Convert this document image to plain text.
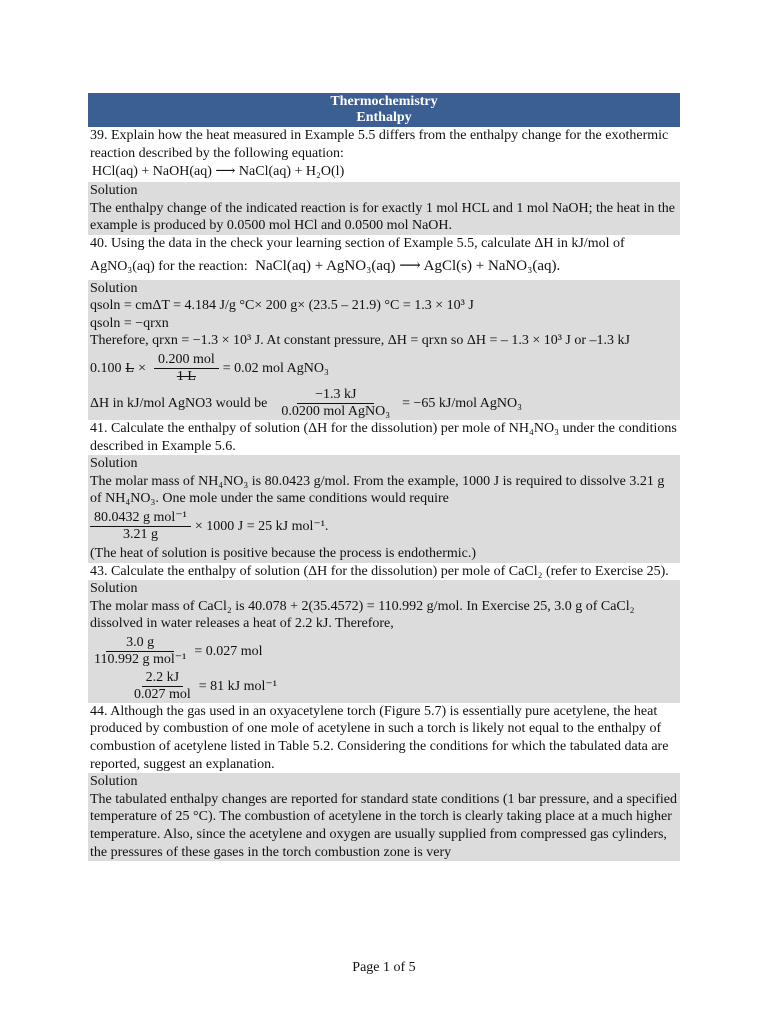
Thermochemistry
Enthalpy
39. Explain how the heat measured in Example 5.5 differs from the enthalpy change for the exothermic reaction described by the following equation:
HCl(aq) + NaOH(aq) ⟶ NaCl(aq) + H₂O(l)
Solution
The enthalpy change of the indicated reaction is for exactly 1 mol HCL and 1 mol NaOH; the heat in the example is produced by 0.0500 mol HCl and 0.0500 mol NaOH.
40. Using the data in the check your learning section of Example 5.5, calculate ΔH in kJ/mol of
AgNO₃(aq) for the reaction: NaCl(aq) + AgNO₃(aq) ⟶ AgCl(s) + NaNO₃(aq).
Solution
qsoln = cmΔT = 4.184 J/g °C× 200 g× (23.5 – 21.9) °C = 1.3 × 10³ J
qsoln = −qrxn
Therefore, qrxn = −1.3 × 10³ J. At constant pressure, ΔH = qrxn so ΔH = – 1.3 × 10³ J or –1.3 kJ
0.100 $L \times \frac{\text{0.200 mol}}{1 L} = 0.02$ mol AgNO₃
ΔH in kJ/mol AgNO3 would be $\frac{-1.3 kJ}{\text{0.0200 mol AgNO₃}} = -65$ kJ/mol AgNO₃
41. Calculate the enthalpy of solution (ΔH for the dissolution) per mole of NH₄NO₃ under the conditions described in Example 5.6.
Solution
The molar mass of NH₄NO₃ is 80.0423 g/mol. From the example, 1000 J is required to dissolve 3.21 g of NH₄NO₃. One mole under the same conditions would require
$\frac{\text{80.0432 g mol⁻¹}}{3.21 g} \times 1000$ J = 25 kJ mol⁻¹.
(The heat of solution is positive because the process is endothermic.)
43. Calculate the enthalpy of solution (ΔH for the dissolution) per mole of CaCl₂ (refer to Exercise 25).
Solution
The molar mass of CaCl₂ is 40.078 + 2(35.4572) = 110.992 g/mol. In Exercise 25, 3.0 g of CaCl₂ dissolved in water releases a heat of 2.2 kJ. Therefore,
$\frac{3.0 g}{\text{110.992 g mol⁻¹}} = 0.027$ mol
$\frac{2.2 kJ}{\text{0.027 mol}} = 81$ kJ mol⁻¹
44. Although the gas used in an oxyacetylene torch (Figure 5.7) is essentially pure acetylene, the heat produced by combustion of one mole of acetylene in such a torch is likely not equal to the enthalpy of combustion of acetylene listed in Table 5.2. Considering the conditions for which the tabulated data are reported, suggest an explanation.
Solution
The tabulated enthalpy changes are reported for standard state conditions (1 bar pressure, and a specified temperature of 25 °C). The combustion of acetylene in the torch is clearly taking place at a much higher temperature. Also, since the acetylene and oxygen are usually supplied from compressed gas cylinders, the pressures of these gases in the torch combustion zone is very
Page 1 of 5
